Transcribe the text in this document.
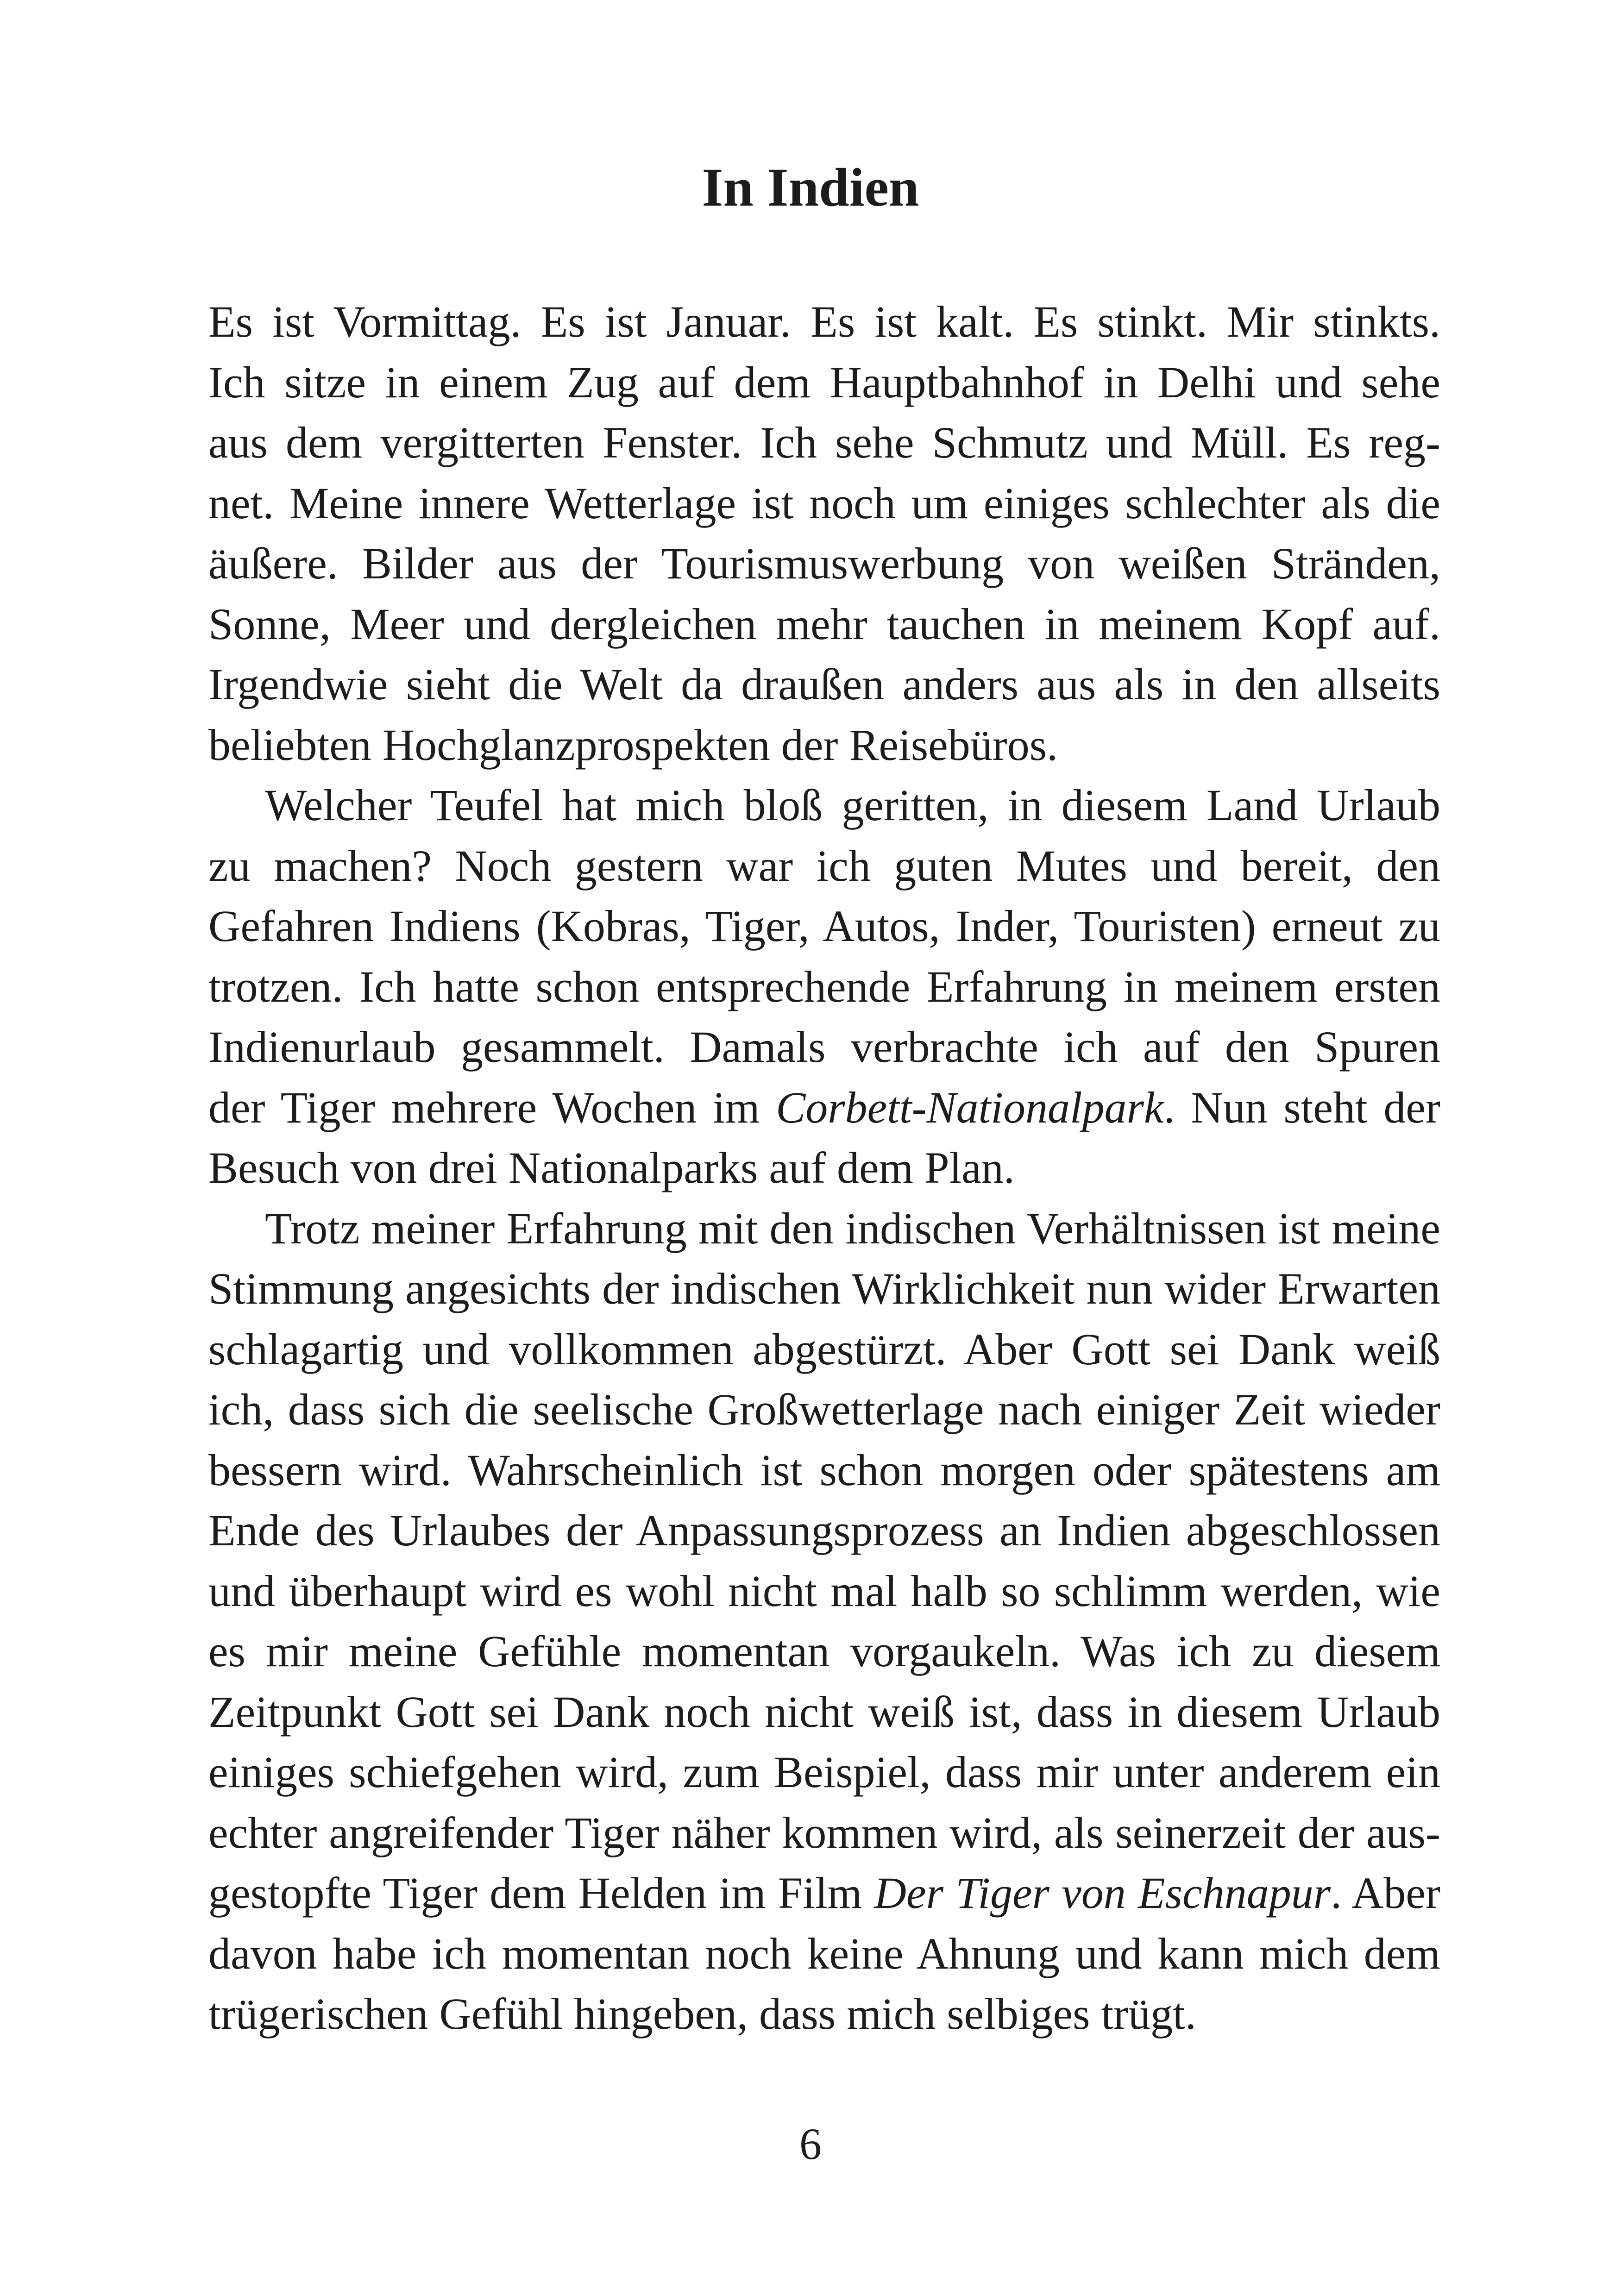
In Indien
Es ist Vormittag. Es ist Januar. Es ist kalt. Es stinkt. Mir stinkts.
Ich sitze in einem Zug auf dem Hauptbahnhof in Delhi und sehe
aus dem vergitterten Fenster. Ich sehe Schmutz und Müll. Es reg-
net. Meine innere Wetterlage ist noch um einiges schlechter als die
äußere. Bilder aus der Tourismuswerbung von weißen Stränden,
Sonne, Meer und dergleichen mehr tauchen in meinem Kopf auf.
Irgendwie sieht die Welt da draußen anders aus als in den allseits
beliebten Hochglanzprospekten der Reisebüros.
Welcher Teufel hat mich bloß geritten, in diesem Land Urlaub
zu machen? Noch gestern war ich guten Mutes und bereit, den
Gefahren Indiens (Kobras, Tiger, Autos, Inder, Touristen) erneut zu
trotzen. Ich hatte schon entsprechende Erfahrung in meinem ersten
Indienurlaub gesammelt. Damals verbrachte ich auf den Spuren
der Tiger mehrere Wochen im Corbett-Nationalpark. Nun steht der
Besuch von drei Nationalparks auf dem Plan.
Trotz meiner Erfahrung mit den indischen Verhältnissen ist meine
Stimmung angesichts der indischen Wirklichkeit nun wider Erwarten
schlagartig und vollkommen abgestürzt. Aber Gott sei Dank weiß
ich, dass sich die seelische Großwetterlage nach einiger Zeit wieder
bessern wird. Wahrscheinlich ist schon morgen oder spätestens am
Ende des Urlaubes der Anpassungsprozess an Indien abgeschlossen
und überhaupt wird es wohl nicht mal halb so schlimm werden, wie
es mir meine Gefühle momentan vorgaukeln. Was ich zu diesem
Zeitpunkt Gott sei Dank noch nicht weiß ist, dass in diesem Urlaub
einiges schiefgehen wird, zum Beispiel, dass mir unter anderem ein
echter angreifender Tiger näher kommen wird, als seinerzeit der aus-
gestopfte Tiger dem Helden im Film Der Tiger von Eschnapur. Aber
davon habe ich momentan noch keine Ahnung und kann mich dem
trügerischen Gefühl hingeben, dass mich selbiges trügt.
6
